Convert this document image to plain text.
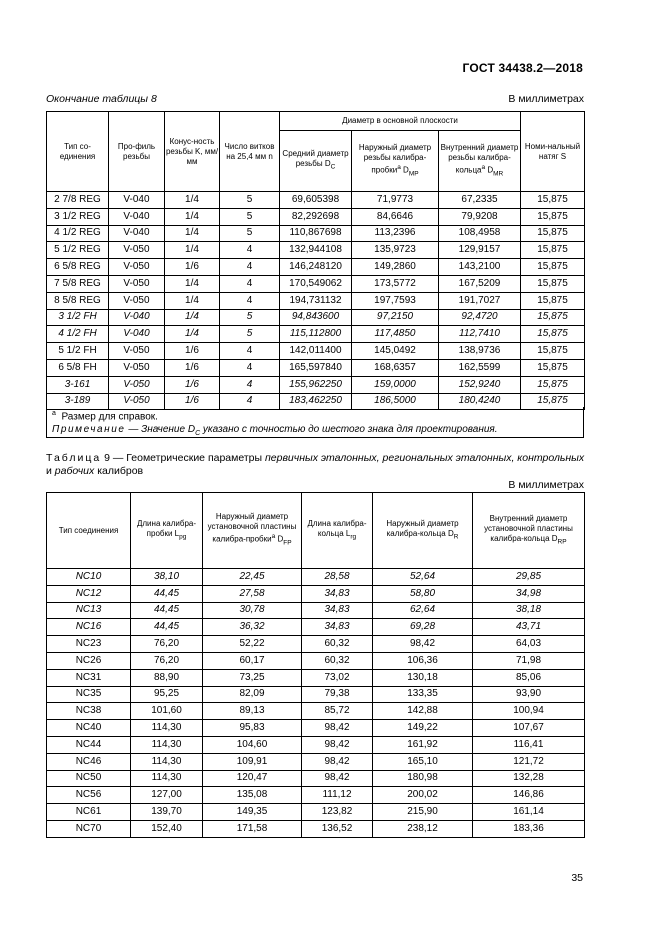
ГОСТ 34438.2—2018
Окончание таблицы 8	В миллиметрах
Тип со-единения	Про-филь резьбы	Конус-ность резьбы K, мм/мм	Число витков на 25,4 мм n	Диаметр в основной плоскости			Номи-нальный натяг S
				Средний диаметр резьбы $D_C$	Наружный диаметр резьбы калибра-пробки$^a$ $D_{MP}$	Внутренний диаметр резьбы калибра-кольца$^a$ $D_{MR}$
2 7/8 REG	V-040	1/4	5	69,605398	71,9773	67,2335	15,875
3 1/2 REG	V-040	1/4	5	82,292698	84,6646	79,9208	15,875
4 1/2 REG	V-040	1/4	5	110,867698	113,2396	108,4958	15,875
5 1/2 REG	V-050	1/4	4	132,944108	135,9723	129,9157	15,875
6 5/8 REG	V-050	1/6	4	146,248120	149,2860	143,2100	15,875
7 5/8 REG	V-050	1/4	4	170,549062	173,5772	167,5209	15,875
8 5/8 REG	V-050	1/4	4	194,731132	197,7593	191,7027	15,875
3 1/2 FH	V-040	1/4	5	94,843600	97,2150	92,4720	15,875
4 1/2 FH	V-040	1/4	5	115,112800	117,4850	112,7410	15,875
5 1/2 FH	V-050	1/6	4	142,011400	145,0492	138,9736	15,875
6 5/8 FH	V-050	1/6	4	165,597840	168,6357	162,5599	15,875
3-161	V-050	1/6	4	155,962250	159,0000	152,9240	15,875
3-189	V-050	1/6	4	183,462250	186,5000	180,4240	15,875
$^a$ Размер для справок.
Примечание — Значение $D_C$ указано с точностью до шестого знака для проектирования.
Таблица 9 — Геометрические параметры первичных эталонных, региональных эталонных, контрольных и рабочих калибров
В миллиметрах
Тип соединения	Длина калибра-пробки $L_{pg}$	Наружный диаметр установочной пластины калибра-пробки$^a$ $D_{FP}$	Длина калибра-кольца $L_{rg}$	Наружный диаметр калибра-кольца $D_R$	Внутренний диаметр установочной пластины калибра-кольца $D_{RP}$
NC10	38,10	22,45	28,58	52,64	29,85
NC12	44,45	27,58	34,83	58,80	34,98
NC13	44,45	30,78	34,83	62,64	38,18
NC16	44,45	36,32	34,83	69,28	43,71
NC23	76,20	52,22	60,32	98,42	64,03
NC26	76,20	60,17	60,32	106,36	71,98
NC31	88,90	73,25	73,02	130,18	85,06
NC35	95,25	82,09	79,38	133,35	93,90
NC38	101,60	89,13	85,72	142,88	100,94
NC40	114,30	95,83	98,42	149,22	107,67
NC44	114,30	104,60	98,42	161,92	116,41
NC46	114,30	109,91	98,42	165,10	121,72
NC50	114,30	120,47	98,42	180,98	132,28
NC56	127,00	135,08	111,12	200,02	146,86
NC61	139,70	149,35	123,82	215,90	161,14
NC70	152,40	171,58	136,52	238,12	183,36
35
